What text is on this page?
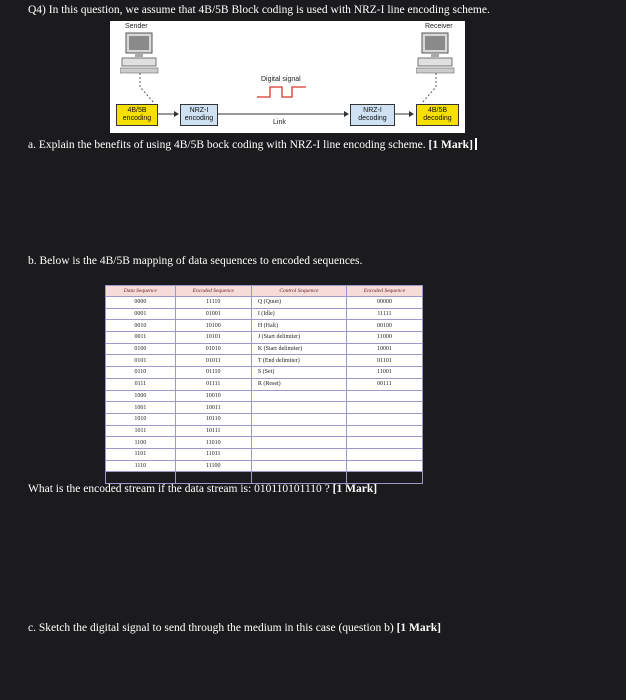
Q4) In this question, we assume that 4B/5B Block coding is used with NRZ-I line encoding scheme.
Sender	Receiver
Digital signal
Link
4B/5B
encoding
NRZ-I
encoding
NRZ-I
decoding
4B/5B
decoding
a. Explain the benefits of using 4B/5B bock coding with NRZ-I line encoding scheme. [1 Mark]
b. Below is the 4B/5B mapping of data sequences to encoded sequences.
Data Sequence	Encoded Sequence	Control Sequence	Encoded Sequence
0000	11110	Q (Quiet)	00000
0001	01001	I (Idle)	11111
0010	10100	H (Halt)	00100
0011	10101	J (Start delimiter)	11000
0100	01010	K (Start delimiter)	10001
0101	01011	T (End delimiter)	01101
0110	01110	S (Set)	11001
0111	01111	R (Reset)	00111
1000	10010		
1001	10011		
1010	10110		
1011	10111		
1100	11010		
1101	11011		
1110	11100		
1111	11101		
What is the encoded stream if the data stream is: 010110101110 ? [1 Mark]
c. Sketch the digital signal to send through the medium in this case (question b) [1 Mark]
